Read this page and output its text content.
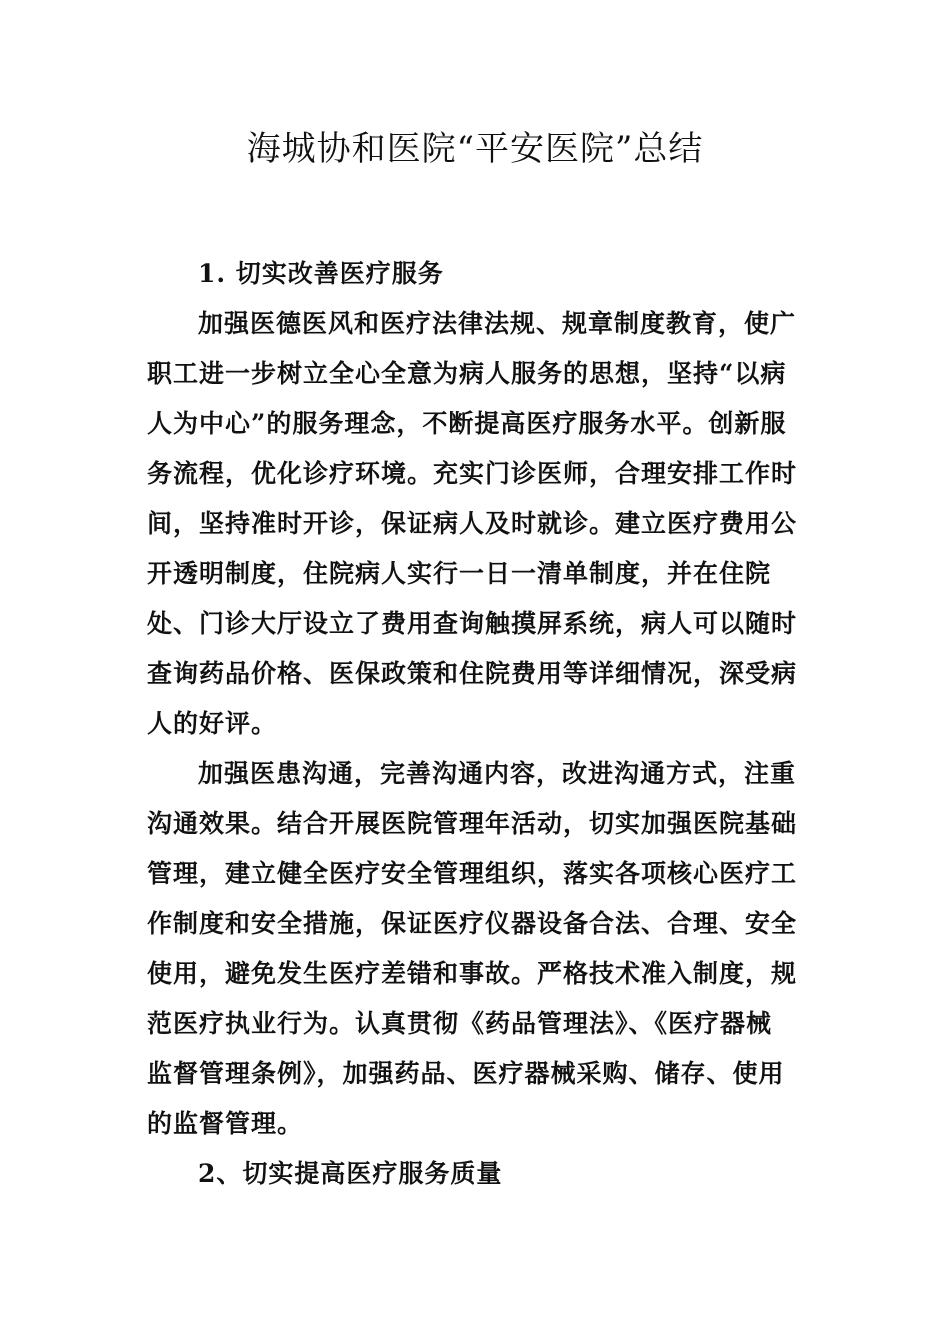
海城协和医院“平安医院”总结

1. 切实改善医疗服务

加强医德医风和医疗法律法规、规章制度教育，使广

职工进一步树立全心全意为病人服务的思想，坚持“以病

人为中心”的服务理念，不断提高医疗服务水平。创新服

务流程，优化诊疗环境。充实门诊医师，合理安排工作时

间，坚持准时开诊，保证病人及时就诊。建立医疗费用公

开透明制度，住院病人实行一日一清单制度，并在住院

处、门诊大厅设立了费用查询触摸屏系统，病人可以随时

查询药品价格、医保政策和住院费用等详细情况，深受病

人的好评。

加强医患沟通，完善沟通内容，改进沟通方式，注重

沟通效果。结合开展医院管理年活动，切实加强医院基础

管理，建立健全医疗安全管理组织，落实各项核心医疗工

作制度和安全措施，保证医疗仪器设备合法、合理、安全

使用，避免发生医疗差错和事故。严格技术准入制度，规

范医疗执业行为。认真贯彻《药品管理法》、《医疗器械

监督管理条例》，加强药品、医疗器械采购、储存、使用

的监督管理。

2、切实提高医疗服务质量
